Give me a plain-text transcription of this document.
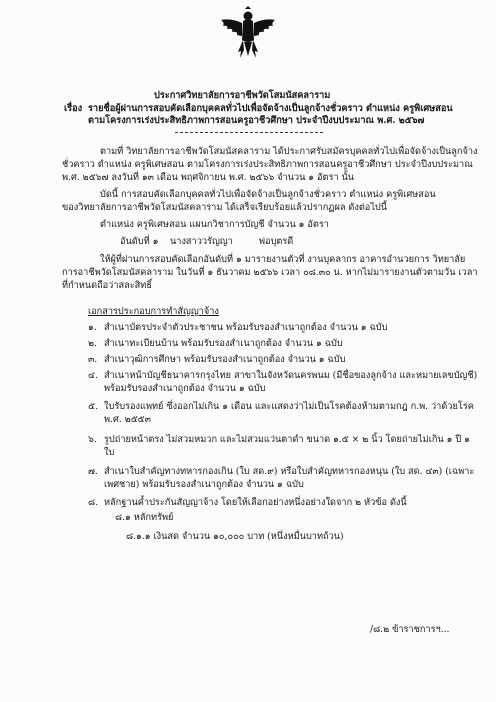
ประกาศวิทยาลัยการอาชีพวัดโสมนัสคลาราม
เรื่อง รายชื่อผู้ผ่านการสอบคัดเลือกบุคคลทั่วไปเพื่อจัดจ้างเป็นลูกจ้างชั่วคราว ตำแหน่ง ครูพิเศษสอน
ตามโครงการเร่งประสิทธิภาพการสอนครูอาชีวศึกษา ประจำปีงบประมาณ พ.ศ. ๒๕๖๗
ตามที่ วิทยาลัยการอาชีพวัดโสมนัสคลาราม ได้ประกาศรับสมัครบุคคลทั่วไปเพื่อจัดจ้างเป็นลูกจ้าง
ชั่วคราว ตำแหน่ง ครูพิเศษสอน ตามโครงการเร่งประสิทธิภาพการสอนครูอาชีวศึกษา ประจำปีงบประมาณ
พ.ศ. ๒๕๖๗ ลงวันที่ ๑๓ เดือน พฤศจิกายน พ.ศ. ๒๕๖๖ จำนวน ๑ อัตรา นั้น
บัดนี้ การสอบคัดเลือกบุคคลทั่วไปเพื่อจัดจ้างเป็นลูกจ้างชั่วคราว ตำแหน่ง ครูพิเศษสอน
ของวิทยาลัยการอาชีพวัดโสมนัสคลาราม ได้เสร็จเรียบร้อยแล้วปรากฏผล ดังต่อไปนี้
ตำแหน่ง ครูพิเศษสอน แผนกวิชาการบัญชี จำนวน ๑ อัตรา
อันดับที่ ๑ นางสาววรัญญา	พ่อบุตรดี
ให้ผู้ที่ผ่านการสอบคัดเลือกอันดับที่ ๑ มารายงานตัวที่ งานบุคลากร อาคารอำนวยการ วิทยาลัย
การอาชีพวัดโสมนัสคลาราม ในวันที่ ๑ ธันวาคม ๒๕๖๖ เวลา ๐๘.๓๐ น. หากไม่มารายงานตัวตามวัน เวลา
ที่กำหนดถือว่าสละสิทธิ์
เอกสารประกอบการทำสัญญาจ้าง
๑. สำเนาบัตรประจำตัวประชาชน พร้อมรับรองสำเนาถูกต้อง จำนวน ๑ ฉบับ
๒. สำเนาทะเบียนบ้าน พร้อมรับรองสำเนาถูกต้อง จำนวน ๑ ฉบับ
๓. สำเนาวุฒิการศึกษา พร้อมรับรองสำเนาถูกต้อง จำนวน ๑ ฉบับ
๔. สำเนาหน้าบัญชีธนาคารกรุงไทย สาขาในจังหวัดนครพนม (มีชื่อของลูกจ้าง และหมายเลขบัญชี)
พร้อมรับรองสำเนาถูกต้อง จำนวน ๑ ฉบับ
๕. ใบรับรองแพทย์ ซึ่งออกไม่เกิน ๑ เดือน และแสดงว่าไม่เป็นโรคต้องห้ามตามกฎ ก.พ. ว่าด้วยโรค
พ.ศ. ๒๕๕๓
๖. รูปถ่ายหน้าตรง ไม่สวมหมวก และไม่สวมแว่นตาดำ ขนาด ๑.๕ × ๒ นิ้ว โดยถ่ายไม่เกิน ๑ ปี ๑
ใบ
๗. สำเนาใบสำคัญทางทหารกองเกิน (ใบ สด.๙) หรือใบสำคัญทหารกองหนุน (ใบ สด. ๔๓) (เฉพาะ
เพศชาย) พร้อมรับรองสำเนาถูกต้อง จำนวน ๑ ฉบับ
๘. หลักฐานค้ำประกันสัญญาจ้าง โดยให้เลือกอย่างหนึ่งอย่างใดจาก ๒ หัวข้อ ดังนี้
๘.๑ หลักทรัพย์
๘.๑.๑ เงินสด จำนวน ๑๐,๐๐๐ บาท (หนึ่งหมื่นบาทถ้วน)
/๘.๒ ข้าราชการฯ...
